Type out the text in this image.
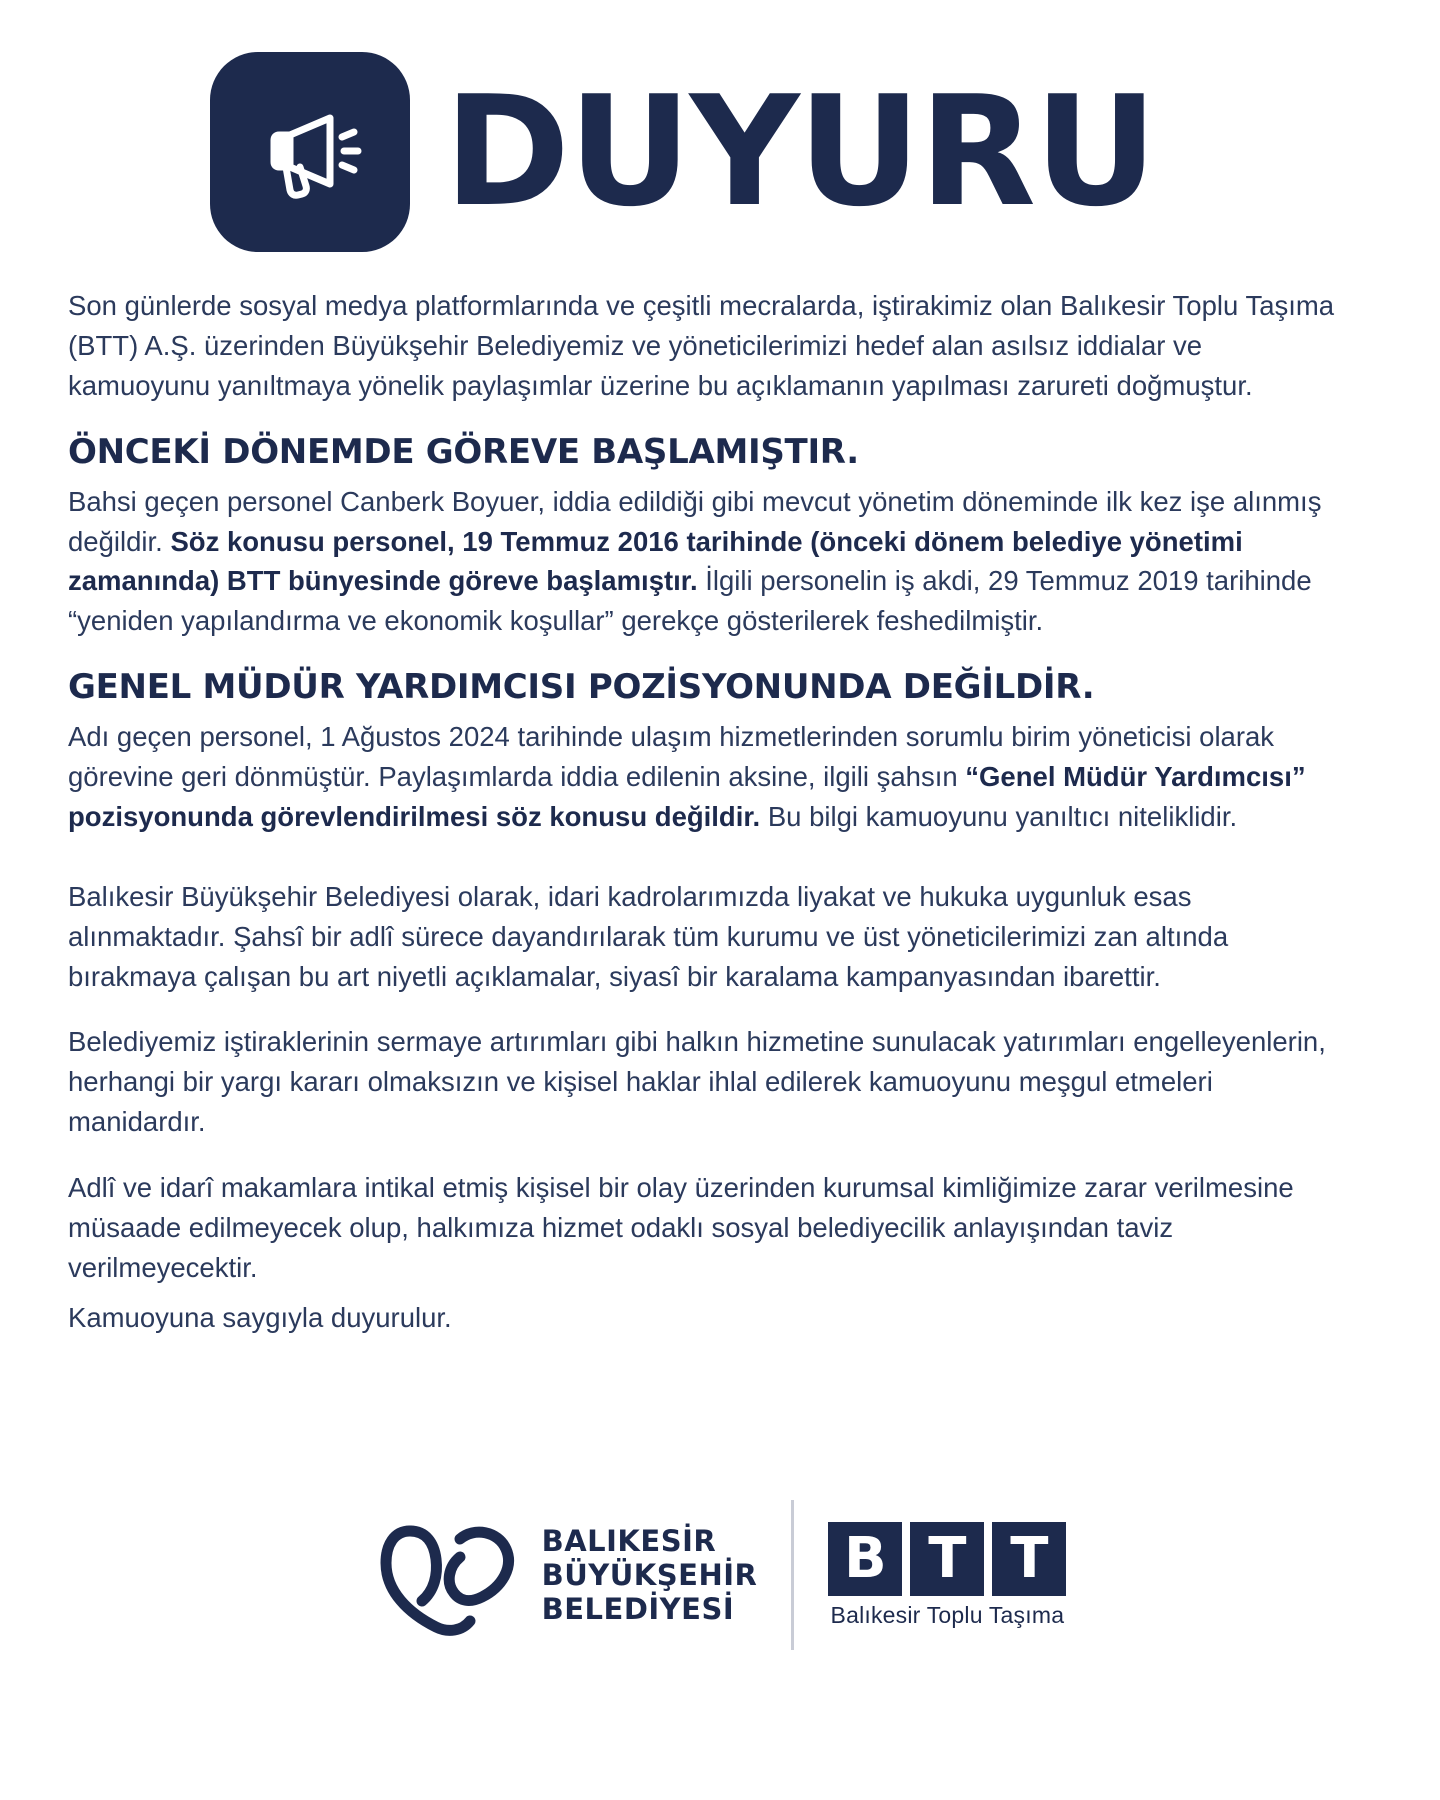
DUYURU

Son günlerde sosyal medya platformlarında ve çeşitli mecralarda, iştirakimiz olan Balıkesir Toplu Taşıma (BTT) A.Ş. üzerinden Büyükşehir Belediyemiz ve yöneticilerimizi hedef alan asılsız iddialar ve kamuoyunu yanıltmaya yönelik paylaşımlar üzerine bu açıklamanın yapılması zarureti doğmuştur.

ÖNCEKİ DÖNEMDE GÖREVE BAŞLAMIŞTIR.

Bahsi geçen personel Canberk Boyuer, iddia edildiği gibi mevcut yönetim döneminde ilk kez işe alınmış değildir. Söz konusu personel, 19 Temmuz 2016 tarihinde (önceki dönem belediye yönetimi zamanında) BTT bünyesinde göreve başlamıştır. İlgili personelin iş akdi, 29 Temmuz 2019 tarihinde “yeniden yapılandırma ve ekonomik koşullar” gerekçe gösterilerek feshedilmiştir.

GENEL MÜDÜR YARDIMCISI POZİSYONUNDA DEĞİLDİR.

Adı geçen personel, 1 Ağustos 2024 tarihinde ulaşım hizmetlerinden sorumlu birim yöneticisi olarak görevine geri dönmüştür. Paylaşımlarda iddia edilenin aksine, ilgili şahsın “Genel Müdür Yardımcısı” pozisyonunda görevlendirilmesi söz konusu değildir. Bu bilgi kamuoyunu yanıltıcı niteliklidir.

Balıkesir Büyükşehir Belediyesi olarak, idari kadrolarımızda liyakat ve hukuka uygunluk esas alınmaktadır. Şahsî bir adlî sürece dayandırılarak tüm kurumu ve üst yöneticilerimizi zan altında bırakmaya çalışan bu art niyetli açıklamalar, siyasî bir karalama kampanyasından ibarettir.

Belediyemiz iştiraklerinin sermaye artırımları gibi halkın hizmetine sunulacak yatırımları engelleyenlerin, herhangi bir yargı kararı olmaksızın ve kişisel haklar ihlal edilerek kamuoyunu meşgul etmeleri manidardır.

Adlî ve idarî makamlara intikal etmiş kişisel bir olay üzerinden kurumsal kimliğimize zarar verilmesine müsaade edilmeyecek olup, halkımıza hizmet odaklı sosyal belediyecilik anlayışından taviz verilmeyecektir.

Kamuoyuna saygıyla duyurulur.

BALIKESİR
BÜYÜKŞEHİR
BELEDİYESİ
B T T
Balıkesir Toplu Taşıma
